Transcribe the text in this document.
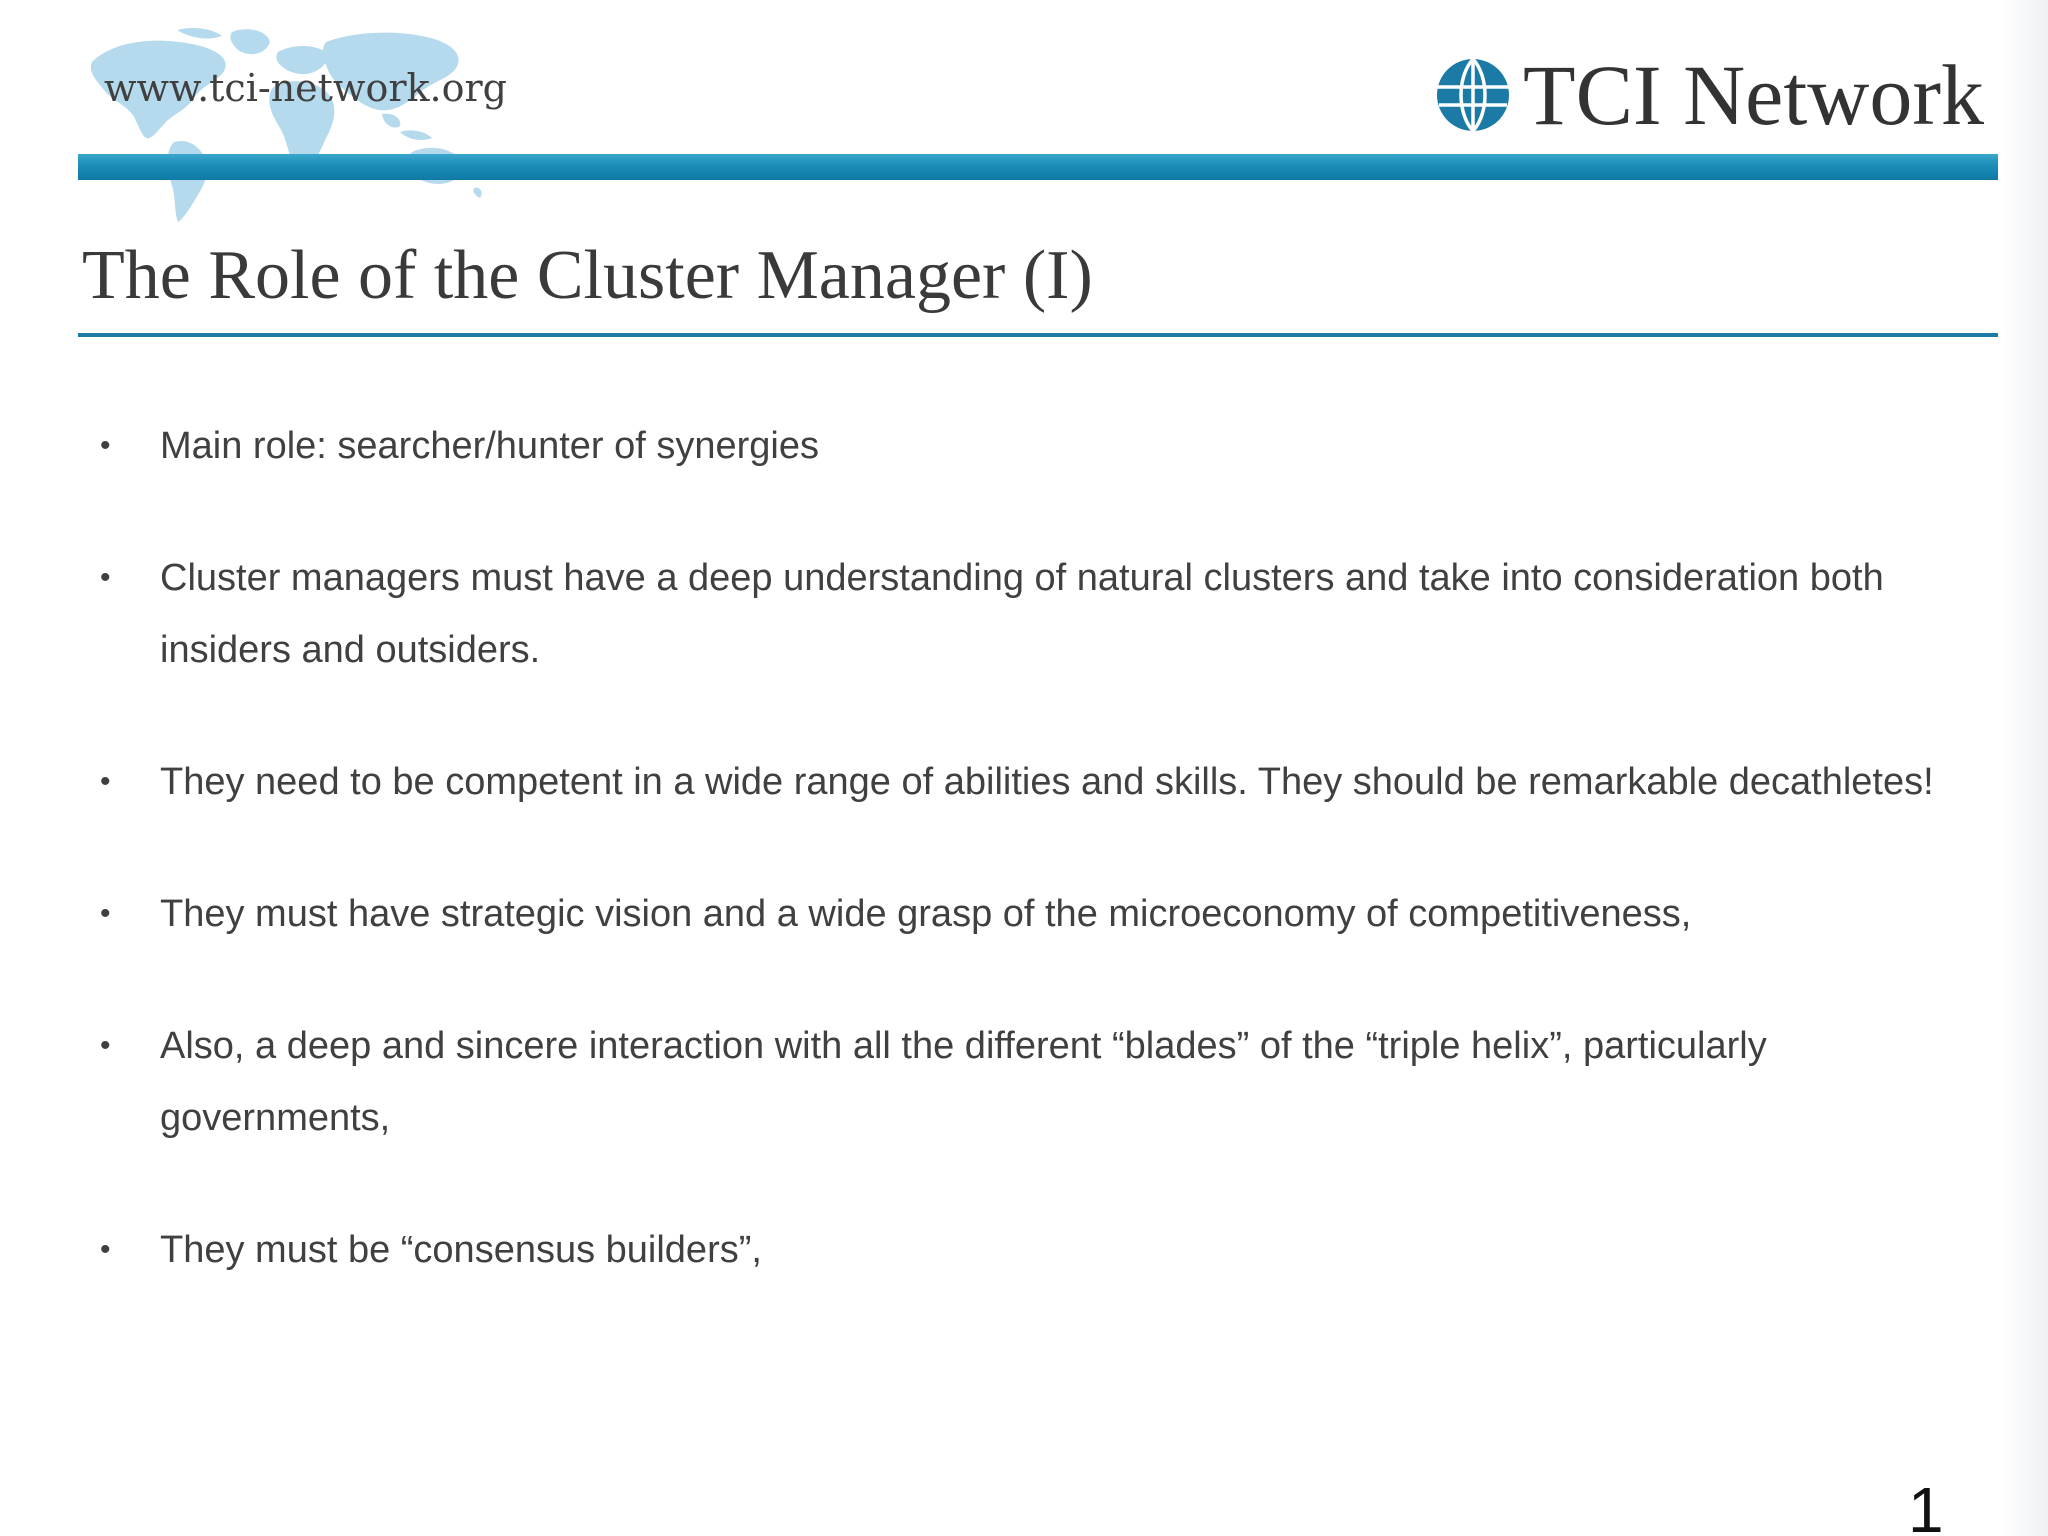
www.tci-network.org	TCI Network
The Role of the Cluster Manager (I)
• Main role: searcher/hunter of synergies
• Cluster managers must have a deep understanding of natural clusters and take into consideration both insiders and outsiders.
• They need to be competent in a wide range of abilities and skills. They should be remarkable decathletes!
• They must have strategic vision and a wide grasp of the microeconomy of competitiveness,
• Also, a deep and sincere interaction with all the different “blades” of the “triple helix”, particularly governments,
• They must be “consensus builders”,
1
